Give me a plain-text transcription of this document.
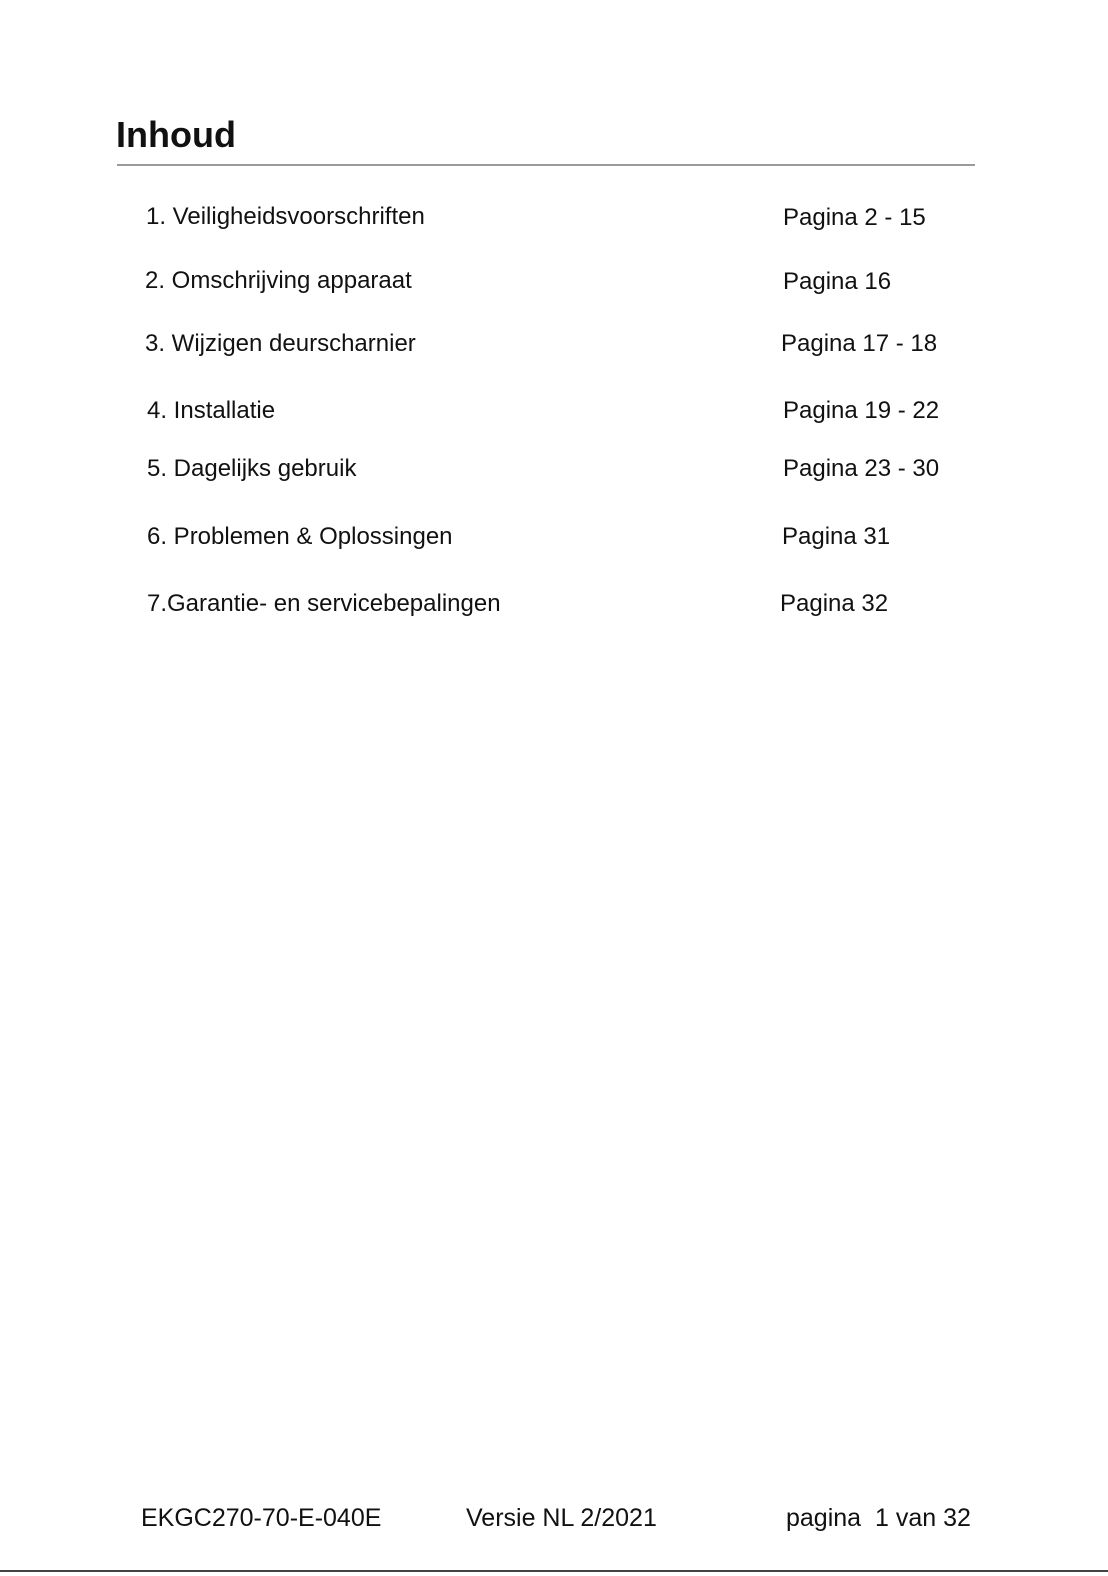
Inhoud
1. Veiligheidsvoorschriften	Pagina 2 - 15
2. Omschrijving apparaat	Pagina 16
3. Wijzigen deurscharnier	Pagina 17 - 18
4. Installatie	Pagina 19 - 22
5. Dagelijks gebruik	Pagina 23 - 30
6. Problemen & Oplossingen	Pagina 31
7.Garantie- en servicebepalingen	Pagina 32
EKGC270-70-E-040E	Versie NL 2/2021	pagina  1 van 32
